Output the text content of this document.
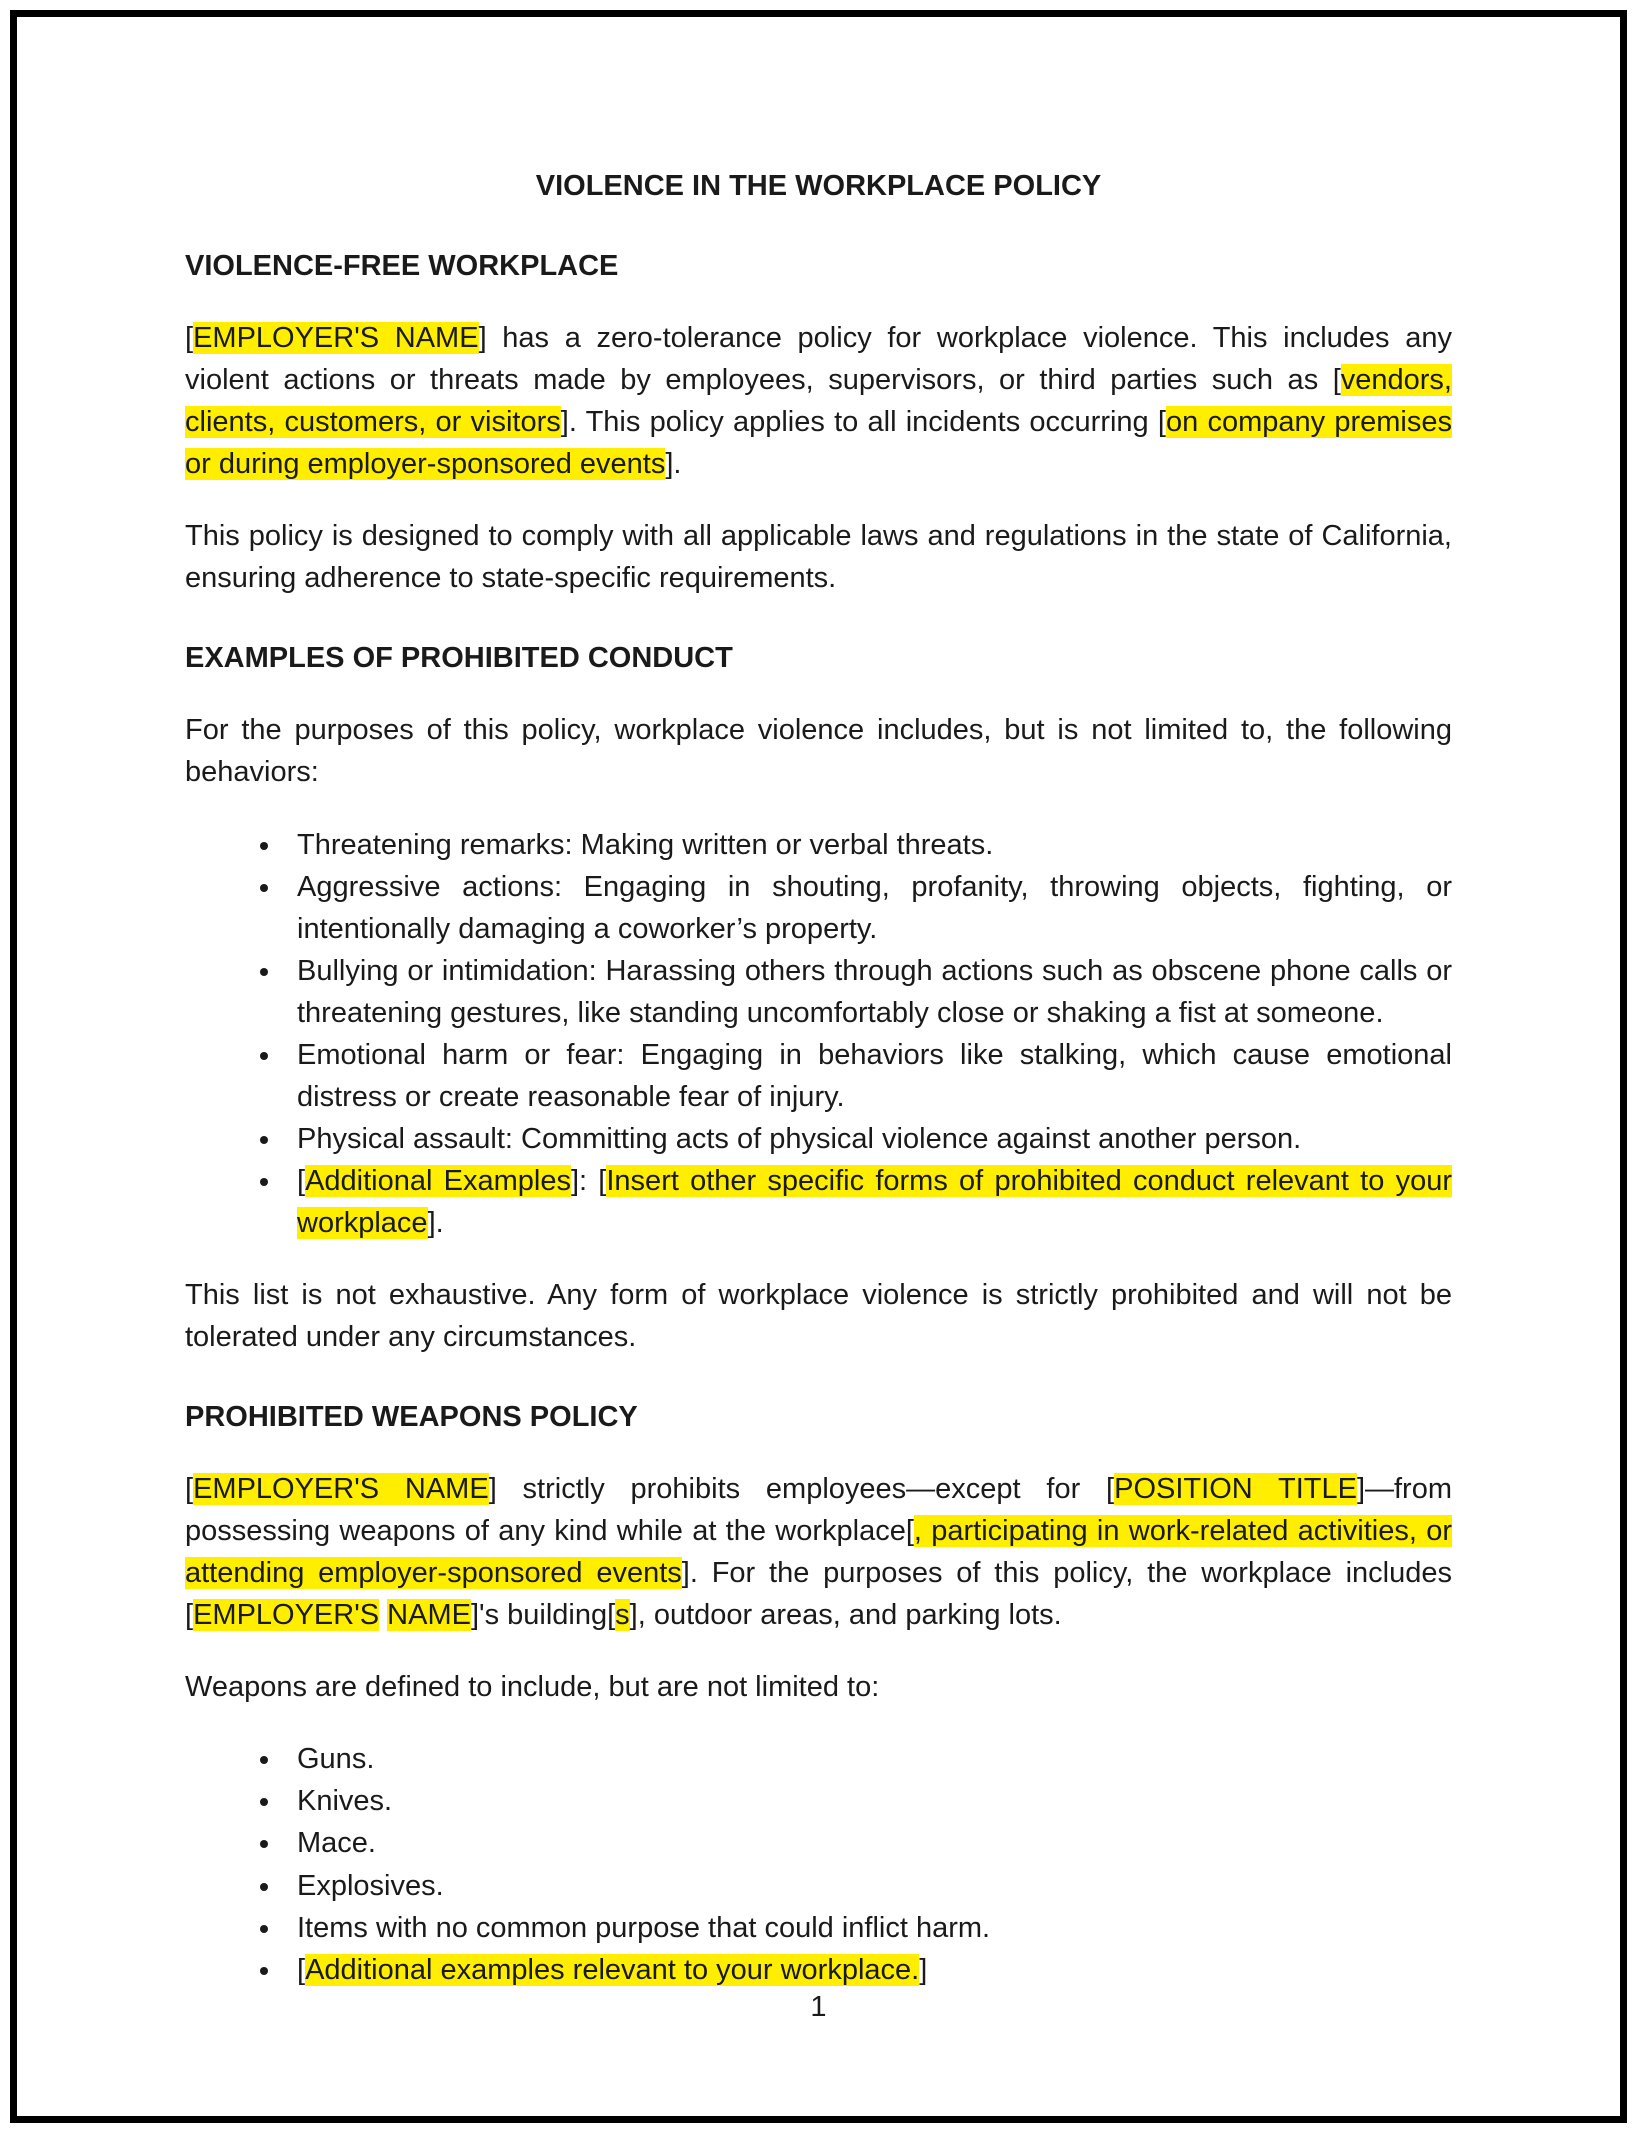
VIOLENCE IN THE WORKPLACE POLICY

VIOLENCE-FREE WORKPLACE

[EMPLOYER'S NAME] has a zero-tolerance policy for workplace violence. This includes any violent actions or threats made by employees, supervisors, or third parties such as [vendors, clients, customers, or visitors]. This policy applies to all incidents occurring [on company premises or during employer-sponsored events].

This policy is designed to comply with all applicable laws and regulations in the state of California, ensuring adherence to state-specific requirements.

EXAMPLES OF PROHIBITED CONDUCT

For the purposes of this policy, workplace violence includes, but is not limited to, the following behaviors:

• Threatening remarks: Making written or verbal threats.
• Aggressive actions: Engaging in shouting, profanity, throwing objects, fighting, or intentionally damaging a coworker’s property.
• Bullying or intimidation: Harassing others through actions such as obscene phone calls or threatening gestures, like standing uncomfortably close or shaking a fist at someone.
• Emotional harm or fear: Engaging in behaviors like stalking, which cause emotional distress or create reasonable fear of injury.
• Physical assault: Committing acts of physical violence against another person.
• [Additional Examples]: [Insert other specific forms of prohibited conduct relevant to your workplace].

This list is not exhaustive. Any form of workplace violence is strictly prohibited and will not be tolerated under any circumstances.

PROHIBITED WEAPONS POLICY

[EMPLOYER'S NAME] strictly prohibits employees—except for [POSITION TITLE]—from possessing weapons of any kind while at the workplace[, participating in work-related activities, or attending employer-sponsored events]. For the purposes of this policy, the workplace includes [EMPLOYER'S NAME]'s building[s], outdoor areas, and parking lots.

Weapons are defined to include, but are not limited to:

• Guns.
• Knives.
• Mace.
• Explosives.
• Items with no common purpose that could inflict harm.
• [Additional examples relevant to your workplace.]
1
